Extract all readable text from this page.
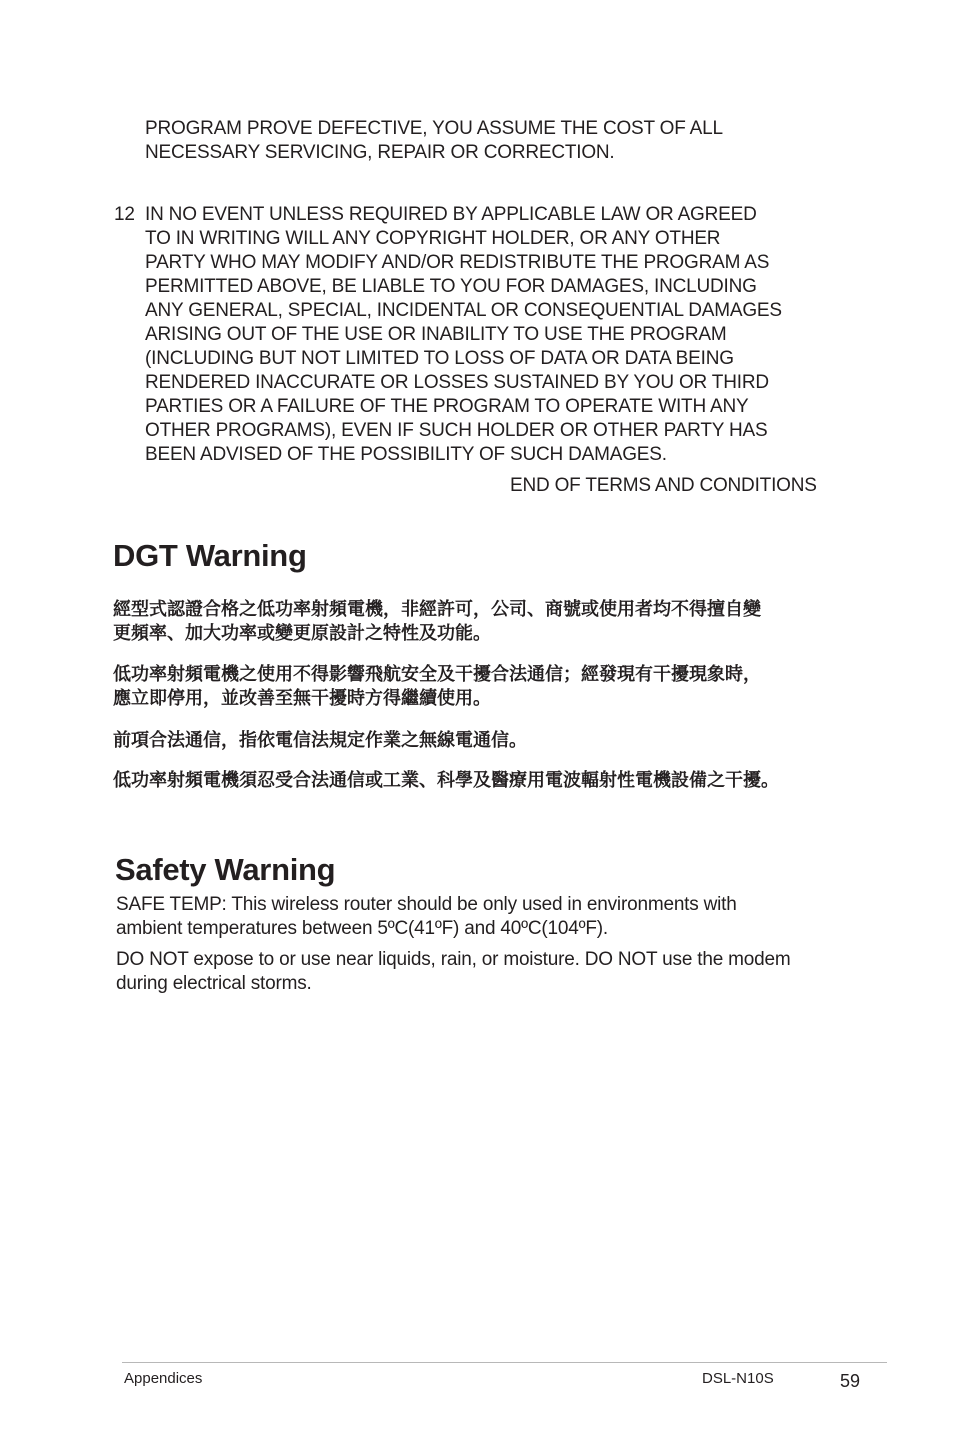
PROGRAM PROVE DEFECTIVE, YOU ASSUME THE COST OF ALL
NECESSARY SERVICING, REPAIR OR CORRECTION.
12 IN NO EVENT UNLESS REQUIRED BY APPLICABLE LAW OR AGREED
TO IN WRITING WILL ANY COPYRIGHT HOLDER, OR ANY OTHER
PARTY WHO MAY MODIFY AND/OR REDISTRIBUTE THE PROGRAM AS
PERMITTED ABOVE, BE LIABLE TO YOU FOR DAMAGES, INCLUDING
ANY GENERAL, SPECIAL, INCIDENTAL OR CONSEQUENTIAL DAMAGES
ARISING OUT OF THE USE OR INABILITY TO USE THE PROGRAM
(INCLUDING BUT NOT LIMITED TO LOSS OF DATA OR DATA BEING
RENDERED INACCURATE OR LOSSES SUSTAINED BY YOU OR THIRD
PARTIES OR A FAILURE OF THE PROGRAM TO OPERATE WITH ANY
OTHER PROGRAMS), EVEN IF SUCH HOLDER OR OTHER PARTY HAS
BEEN ADVISED OF THE POSSIBILITY OF SUCH DAMAGES.
END OF TERMS AND CONDITIONS
DGT Warning
經型式認證合格之低功率射頻電機，非經許可，公司、商號或使用者均不得擅自變
更頻率、加大功率或變更原設計之特性及功能。
低功率射頻電機之使用不得影響飛航安全及干擾合法通信；經發現有干擾現象時，
應立即停用，並改善至無干擾時方得繼續使用。
前項合法通信，指依電信法規定作業之無線電通信。
低功率射頻電機須忍受合法通信或工業、科學及醫療用電波輻射性電機設備之干擾。
Safety Warning
SAFE TEMP: This wireless router should be only used in environments with
ambient temperatures between 5ºC(41ºF) and 40ºC(104ºF).
DO NOT expose to or use near liquids, rain, or moisture. DO NOT use the modem
during electrical storms.
Appendices	DSL-N10S	59
